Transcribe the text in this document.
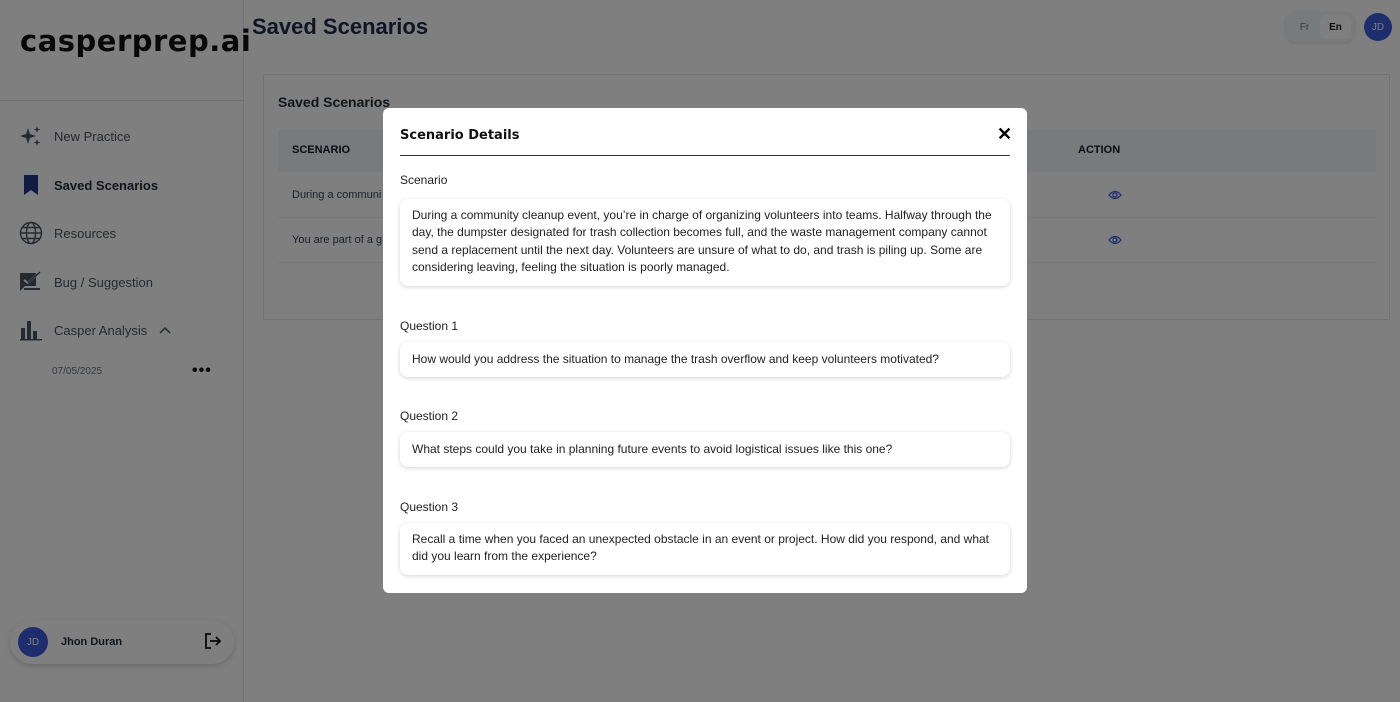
Scenario Details	✕
Scenario
During a community cleanup event, you’re in charge of organizing volunteers into teams. Halfway through the day, the dumpster designated for trash collection becomes full, and the waste management company cannot send a replacement until the next day. Volunteers are unsure of what to do, and trash is piling up. Some are considering leaving, feeling the situation is poorly managed.
Question 1
How would you address the situation to manage the trash overflow and keep volunteers motivated?
Question 2
What steps could you take in planning future events to avoid logistical issues like this one?
Question 3
Recall a time when you faced an unexpected obstacle in an event or project. How did you respond, and what did you learn from the experience?
